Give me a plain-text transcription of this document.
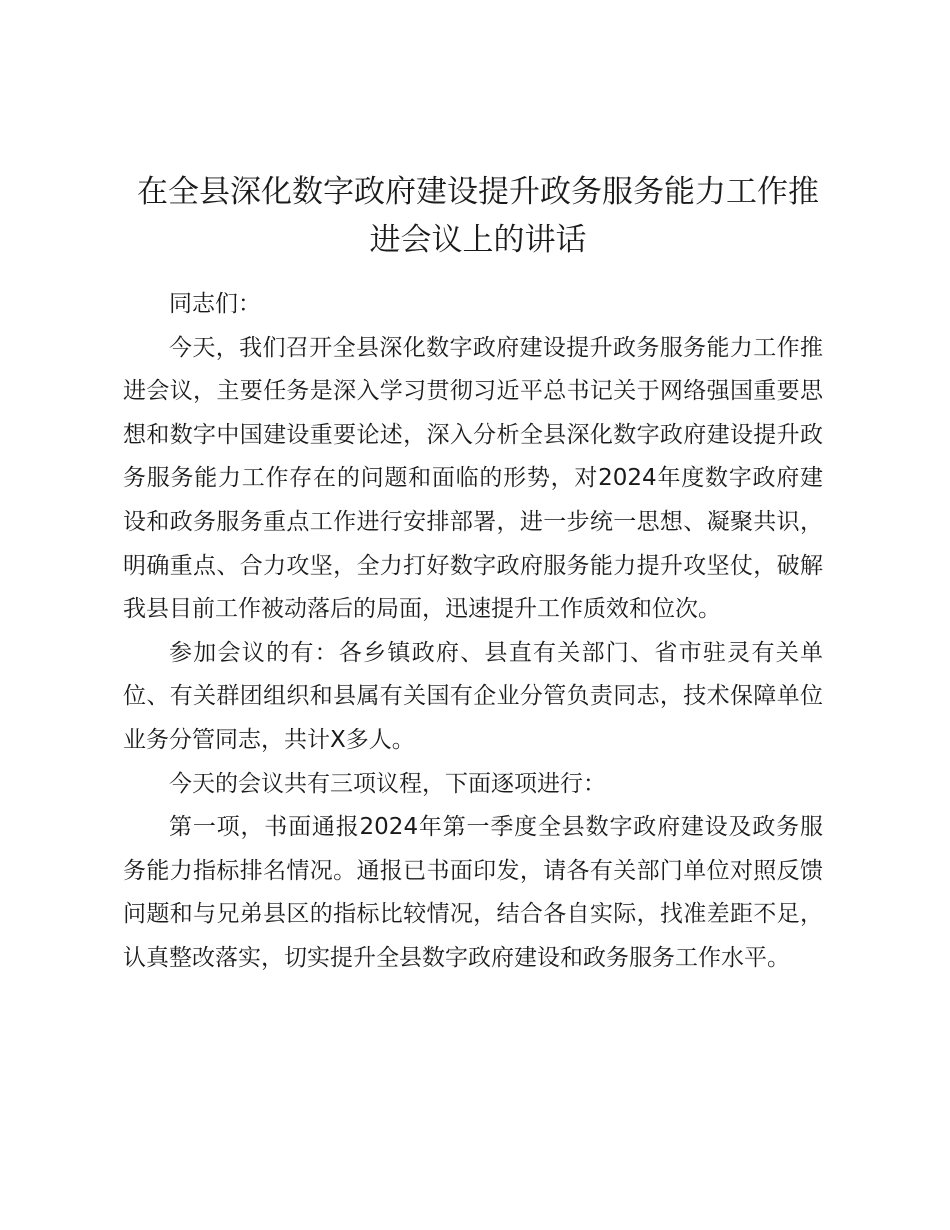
在全县深化数字政府建设提升政务服务能力工作推进会议上的讲话

同志们：

今天，我们召开全县深化数字政府建设提升政务服务能力工作推进会议，主要任务是深入学习贯彻习近平总书记关于网络强国重要思想和数字中国建设重要论述，深入分析全县深化数字政府建设提升政务服务能力工作存在的问题和面临的形势，对2024年度数字政府建设和政务服务重点工作进行安排部署，进一步统一思想、凝聚共识，明确重点、合力攻坚，全力打好数字政府服务能力提升攻坚仗，破解我县目前工作被动落后的局面，迅速提升工作质效和位次。

参加会议的有：各乡镇政府、县直有关部门、省市驻灵有关单位、有关群团组织和县属有关国有企业分管负责同志，技术保障单位业务分管同志，共计X多人。

今天的会议共有三项议程，下面逐项进行：

第一项，书面通报2024年第一季度全县数字政府建设及政务服务能力指标排名情况。通报已书面印发，请各有关部门单位对照反馈问题和与兄弟县区的指标比较情况，结合各自实际，找准差距不足，认真整改落实，切实提升全县数字政府建设和政务服务工作水平。
